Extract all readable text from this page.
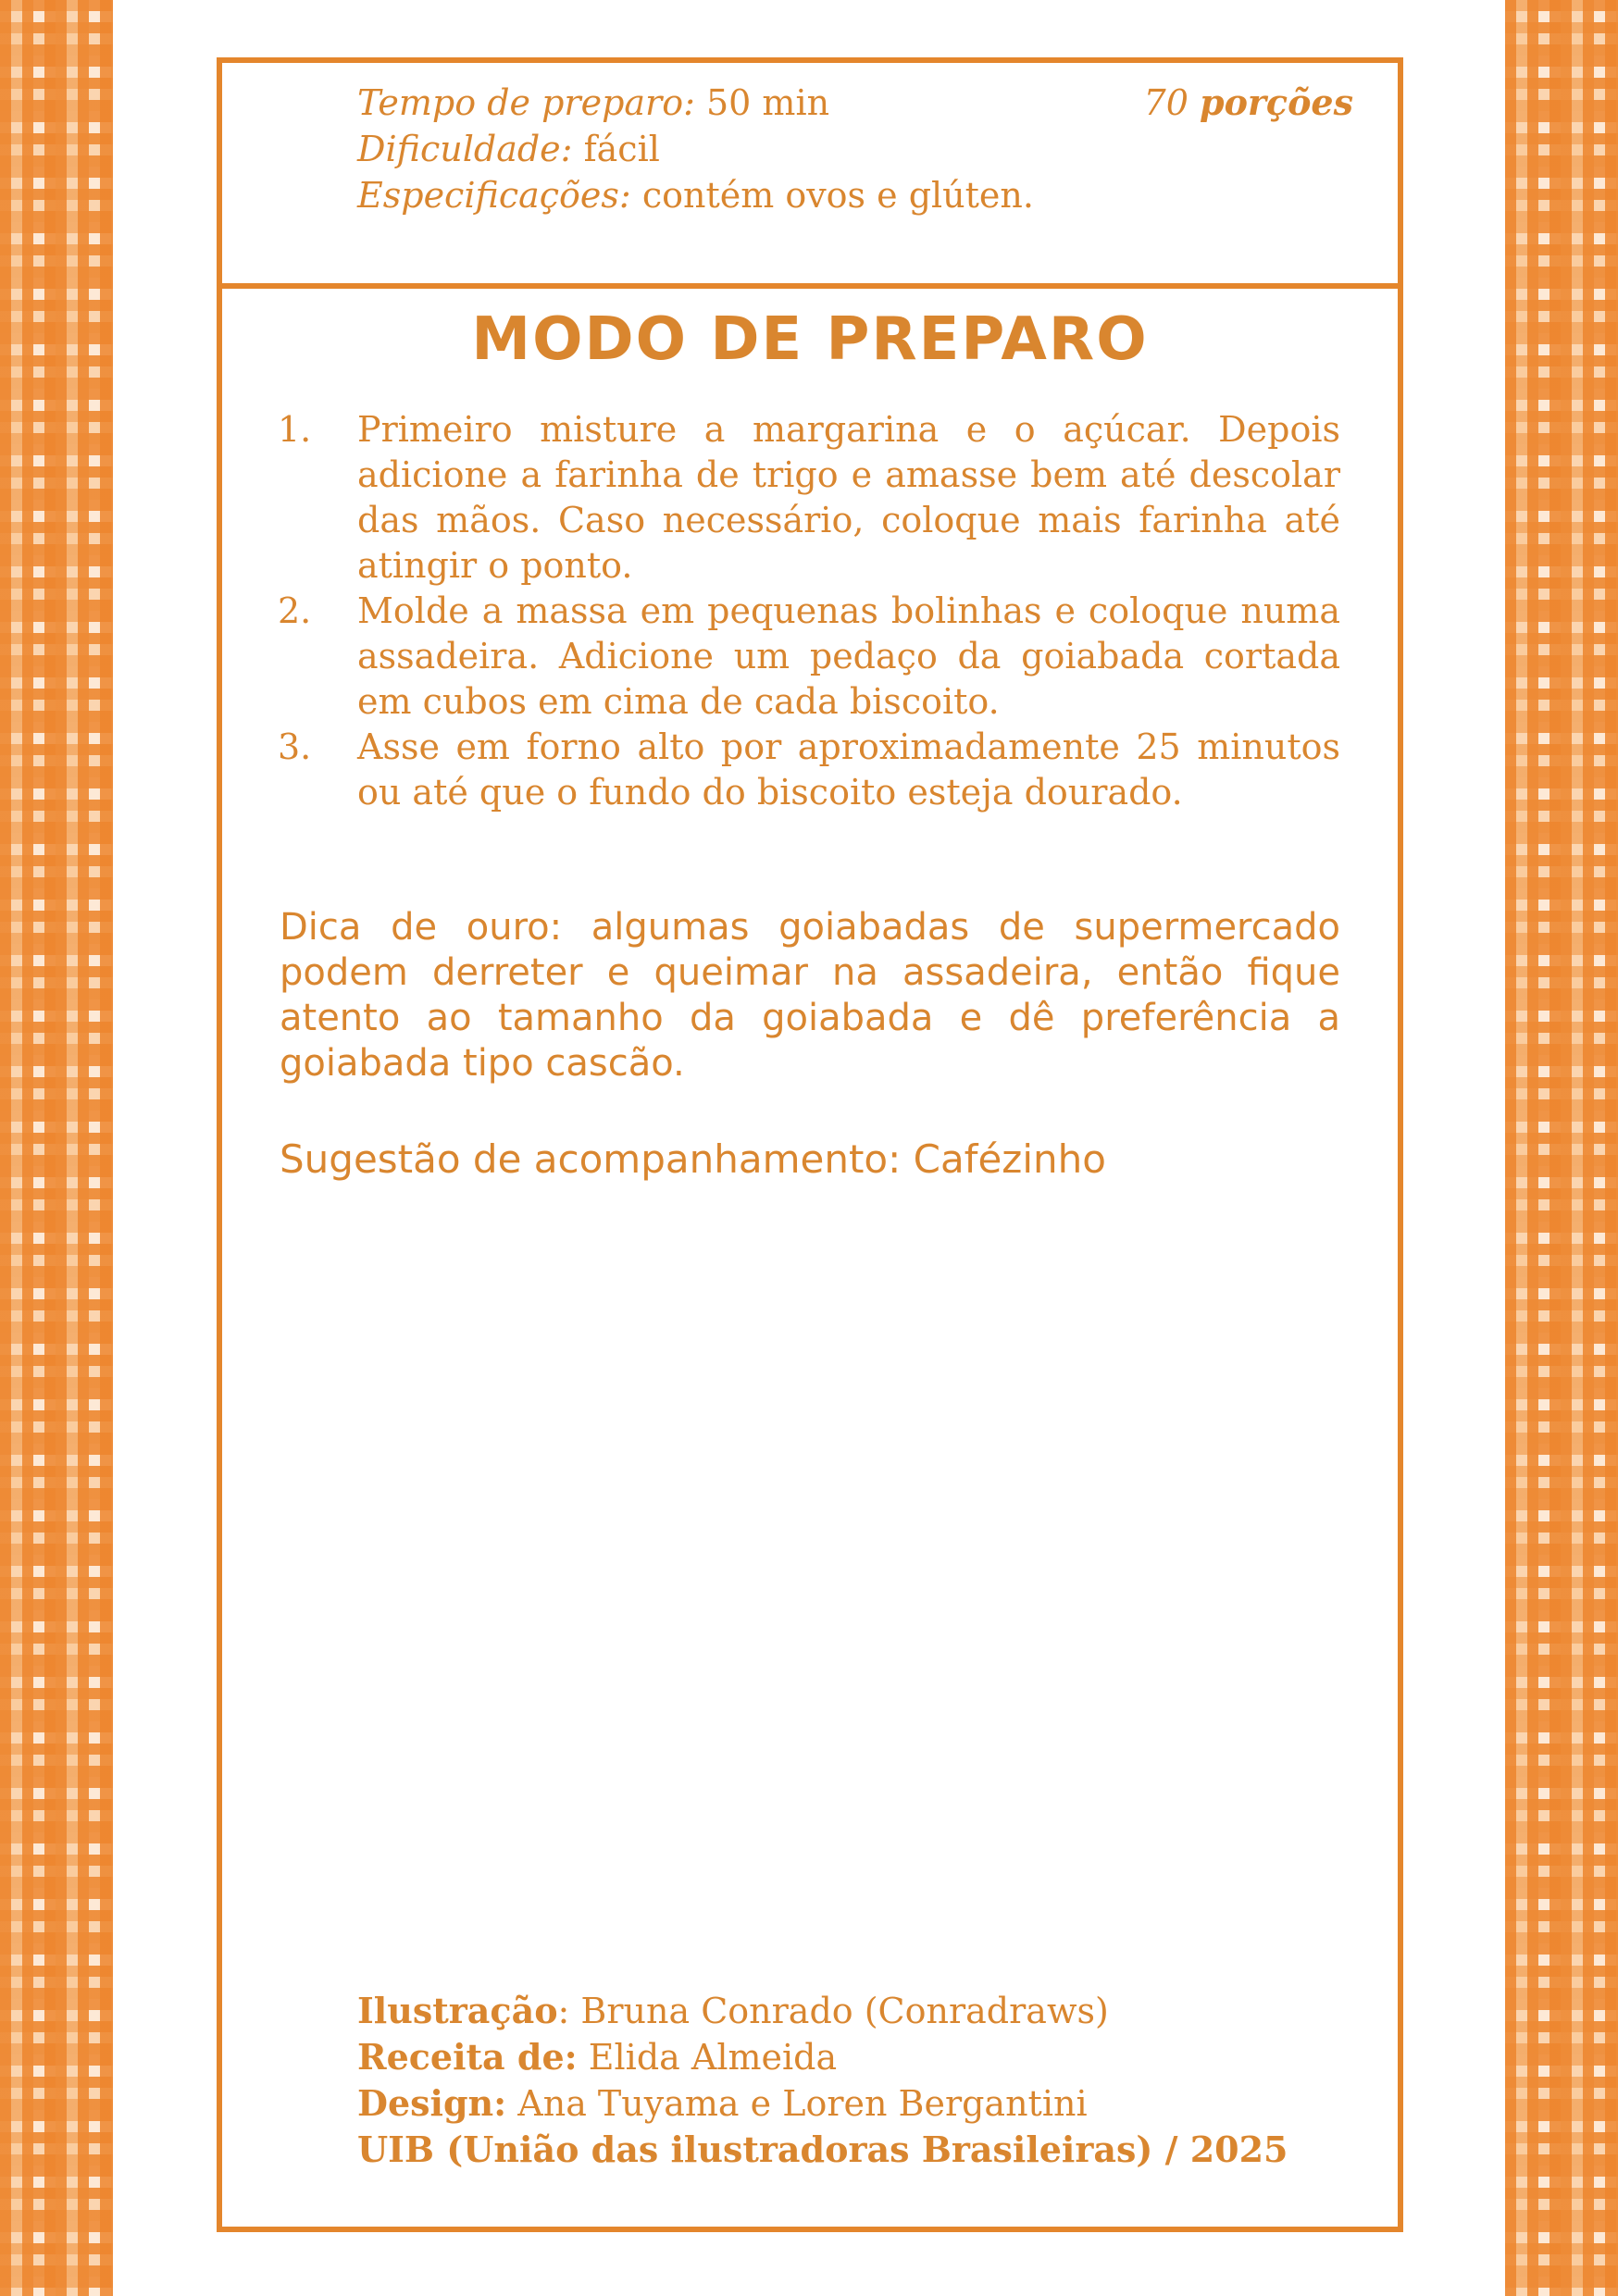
Tempo de preparo: 50 min
Dificuldade: fácil
Especificações: contém ovos e glúten.
70 porções
MODO DE PREPARO
1. Primeiro misture a margarina e o açúcar. Depois adicione a farinha de trigo e amasse bem até descolar das mãos. Caso necessário, coloque mais farinha até atingir o ponto.
2. Molde a massa em pequenas bolinhas e coloque numa assadeira. Adicione um pedaço da goiabada cortada em cubos em cima de cada biscoito.
3. Asse em forno alto por aproximadamente 25 minutos ou até que o fundo do biscoito esteja dourado.
Dica de ouro: algumas goiabadas de supermercado podem derreter e queimar na assadeira, então fique atento ao tamanho da goiabada e dê preferência a goiabada tipo cascão.
Sugestão de acompanhamento: Cafézinho
Ilustração: Bruna Conrado (Conradraws)
Receita de: Elida Almeida
Design: Ana Tuyama e Loren Bergantini
UIB (União das ilustradoras Brasileiras) / 2025
